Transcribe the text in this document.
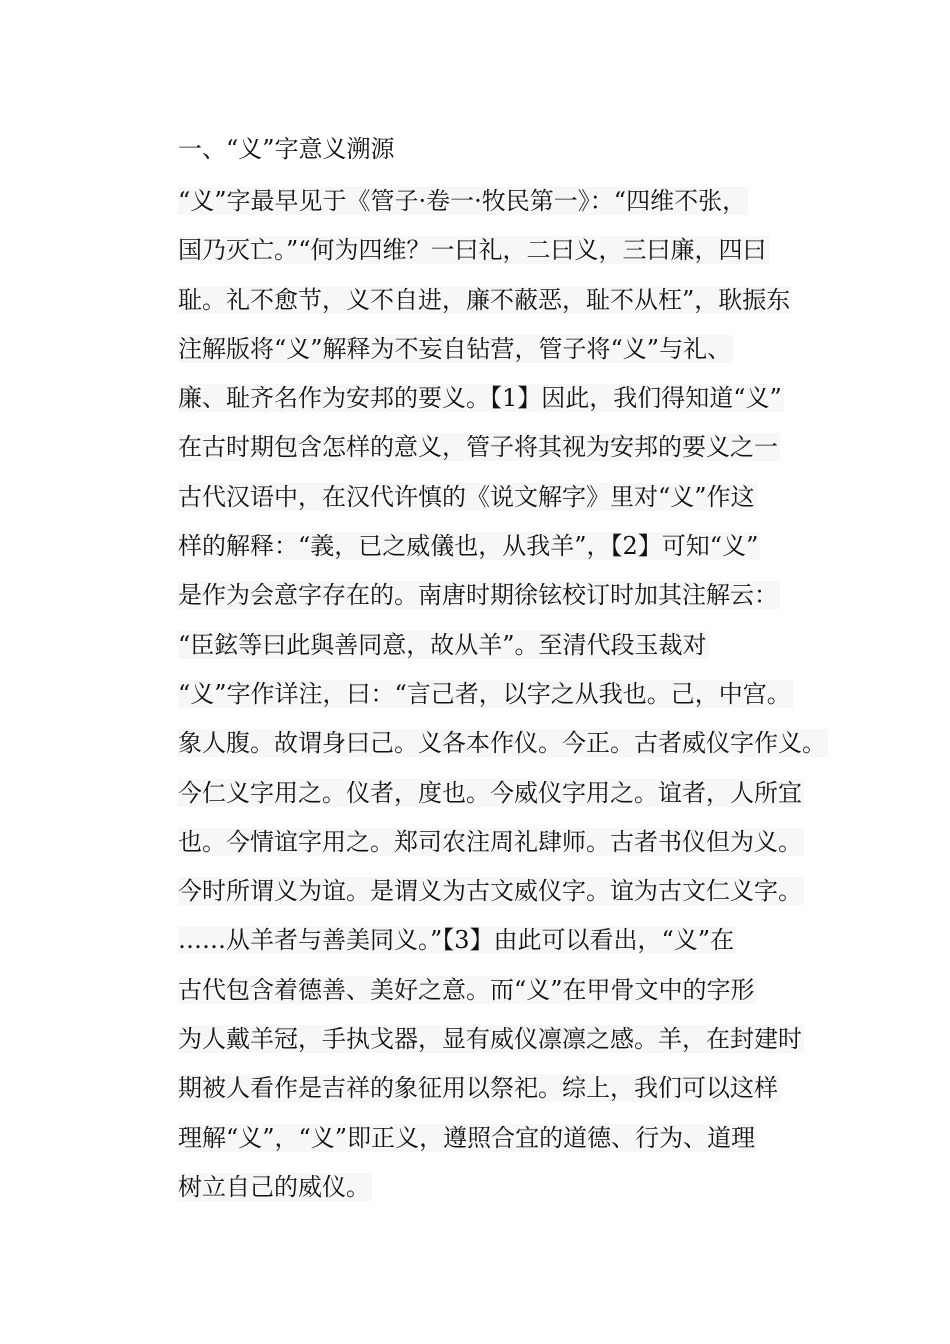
一、“义”字意义溯源
“义”字最早见于《管子·卷一·牧民第一》：“四维不张，
国乃灭亡。”“何为四维？一曰礼，二曰义，三曰廉，四曰
耻。礼不愈节，义不自进，廉不蔽恶，耻不从枉”，耿振东
注解版将“义”解释为不妄自钻营，管子将“义”与礼、
廉、耻齐名作为安邦的要义。【1】因此，我们得知道“义”
在古时期包含怎样的意义，管子将其视为安邦的要义之一
古代汉语中，在汉代许慎的《说文解字》里对“义”作这
样的解释：“義，已之威儀也，从我羊”，【2】可知“义”
是作为会意字存在的。南唐时期徐铉校订时加其注解云：
“臣鉉等曰此與善同意，故从羊”。至清代段玉裁对
“义”字作详注，曰：“言己者，以字之从我也。己，中宫。
象人腹。故谓身曰己。义各本作仪。今正。古者威仪字作义。
今仁义字用之。仪者，度也。今威仪字用之。谊者，人所宜
也。今情谊字用之。郑司农注周礼肆师。古者书仪但为义。
今时所谓义为谊。是谓义为古文威仪字。谊为古文仁义字。
……从羊者与善美同义。”【3】由此可以看出，“义”在
古代包含着德善、美好之意。而“义”在甲骨文中的字形
为人戴羊冠，手执戈器，显有威仪凛凛之感。羊，在封建时
期被人看作是吉祥的象征用以祭祀。综上，我们可以这样
理解“义”，“义”即正义，遵照合宜的道德、行为、道理
树立自己的威仪。
